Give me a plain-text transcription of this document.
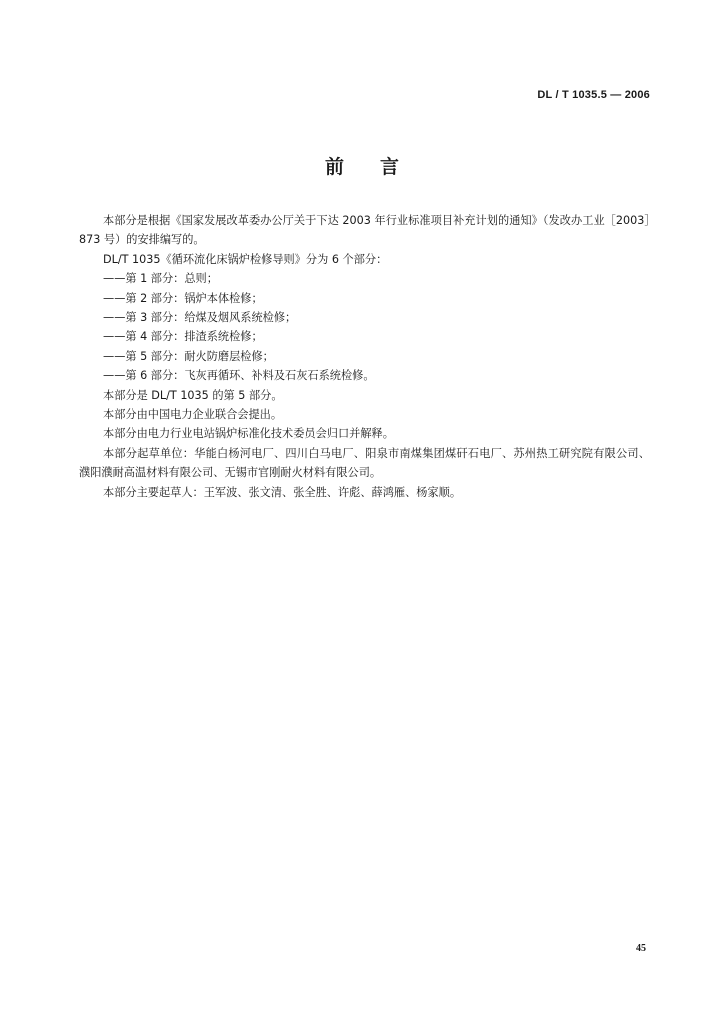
DL / T 1035.5 — 2006
前言

本部分是根据《国家发展改革委办公厅关于下达 2003 年行业标准项目补充计划的通知》（发改办工业［2003］873 号）的安排编写的。

DL/T 1035《循环流化床锅炉检修导则》分为 6 个部分：

——第 1 部分：总则；

——第 2 部分：锅炉本体检修；

——第 3 部分：给煤及烟风系统检修；

——第 4 部分：排渣系统检修；

——第 5 部分：耐火防磨层检修；

——第 6 部分：飞灰再循环、补料及石灰石系统检修。

本部分是 DL/T 1035 的第 5 部分。

本部分由中国电力企业联合会提出。

本部分由电力行业电站锅炉标准化技术委员会归口并解释。

本部分起草单位：华能白杨河电厂、四川白马电厂、阳泉市南煤集团煤矸石电厂、苏州热工研究院有限公司、濮阳濮耐高温材料有限公司、无锡市官刚耐火材料有限公司。

本部分主要起草人：王军波、张文清、张全胜、许彪、薛鸿雁、杨家顺。

45
